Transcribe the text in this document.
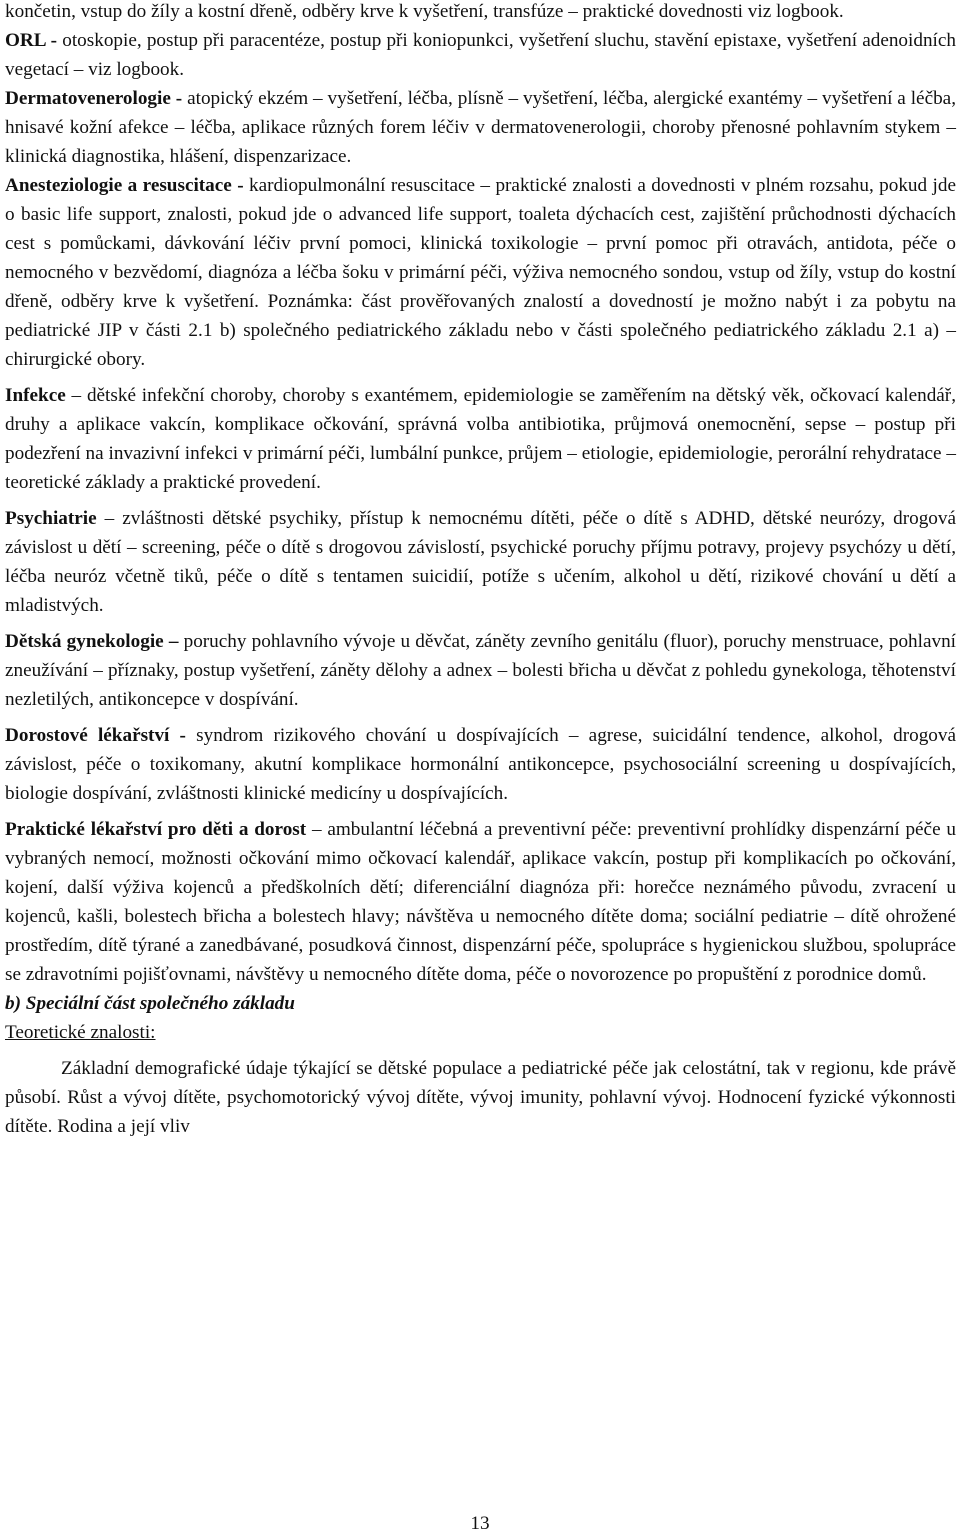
končetin, vstup do žíly a kostní dřeně, odběry krve k vyšetření, transfúze – praktické dovednosti viz logbook.

ORL - otoskopie, postup při paracentéze, postup při koniopunkci, vyšetření sluchu, stavění epistaxe, vyšetření adenoidních vegetací – viz logbook.

Dermatovenerologie - atopický ekzém – vyšetření, léčba, plísně – vyšetření, léčba, alergické exantémy – vyšetření a léčba, hnisavé kožní afekce – léčba, aplikace různých forem léčiv v dermatovenerologii, choroby přenosné pohlavním stykem – klinická diagnostika, hlášení, dispenzarizace.

Anesteziologie a resuscitace - kardiopulmonální resuscitace – praktické znalosti a dovednosti v plném rozsahu, pokud jde o basic life support, znalosti, pokud jde o advanced life support, toaleta dýchacích cest, zajištění průchodnosti dýchacích cest s pomůckami, dávkování léčiv první pomoci, klinická toxikologie – první pomoc při otravách, antidota, péče o nemocného v bezvědomí, diagnóza a léčba šoku v primární péči, výživa nemocného sondou, vstup od žíly, vstup do kostní dřeně, odběry krve k vyšetření. Poznámka: část prověřovaných znalostí a dovedností je možno nabýt i za pobytu na pediatrické JIP v části 2.1 b) společného pediatrického základu nebo v části společného pediatrického základu 2.1 a) – chirurgické obory.

Infekce – dětské infekční choroby, choroby s exantémem, epidemiologie se zaměřením na dětský věk, očkovací kalendář, druhy a aplikace vakcín, komplikace očkování, správná volba antibiotika, průjmová onemocnění, sepse – postup při podezření na invazivní infekci v primární péči, lumbální punkce, průjem – etiologie, epidemiologie, perorální rehydratace – teoretické základy a praktické provedení.

Psychiatrie – zvláštnosti dětské psychiky, přístup k nemocnému dítěti, péče o dítě s ADHD, dětské neurózy, drogová závislost u dětí – screening, péče o dítě s drogovou závislostí, psychické poruchy příjmu potravy, projevy psychózy u dětí, léčba neuróz včetně tiků, péče o dítě s tentamen suicidií, potíže s učením, alkohol u dětí, rizikové chování u dětí a mladistvých.

Dětská gynekologie – poruchy pohlavního vývoje u děvčat, záněty zevního genitálu (fluor), poruchy menstruace, pohlavní zneužívání – příznaky, postup vyšetření, záněty dělohy a adnex – bolesti břicha u děvčat z pohledu gynekologa, těhotenství nezletilých, antikoncepce v dospívání.

Dorostové lékařství - syndrom rizikového chování u dospívajících – agrese, suicidální tendence, alkohol, drogová závislost, péče o toxikomany, akutní komplikace hormonální antikoncepce, psychosociální screening u dospívajících, biologie dospívání, zvláštnosti klinické medicíny u dospívajících.

Praktické lékařství pro děti a dorost – ambulantní léčebná a preventivní péče: preventivní prohlídky dispenzární péče u vybraných nemocí, možnosti očkování mimo očkovací kalendář, aplikace vakcín, postup při komplikacích po očkování, kojení, další výživa kojenců a předškolních dětí; diferenciální diagnóza při: horečce neznámého původu, zvracení u kojenců, kašli, bolestech břicha a bolestech hlavy; návštěva u nemocného dítěte doma; sociální pediatrie – dítě ohrožené prostředím, dítě týrané a zanedbávané, posudková činnost, dispenzární péče, spolupráce s hygienickou službou, spolupráce se zdravotními pojišťovnami, návštěvy u nemocného dítěte doma, péče o novorozence po propuštění z porodnice domů.

b) Speciální část společného základu

Teoretické znalosti:

Základní demografické údaje týkající se dětské populace a pediatrické péče jak celostátní, tak v regionu, kde právě působí. Růst a vývoj dítěte, psychomotorický vývoj dítěte, vývoj imunity, pohlavní vývoj. Hodnocení fyzické výkonnosti dítěte. Rodina a její vliv

13
